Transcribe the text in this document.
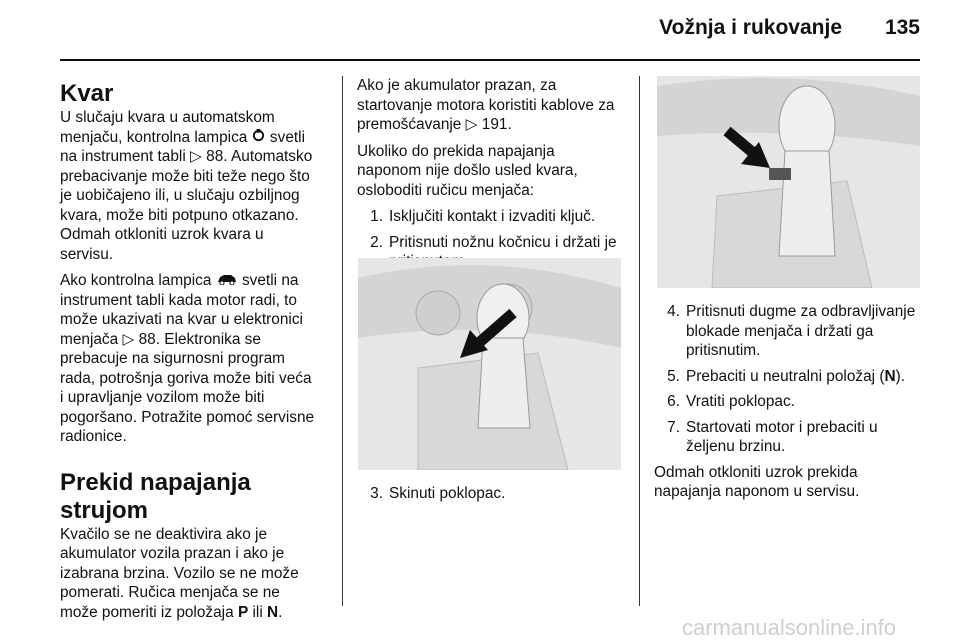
Vožnja i rukovanje 135
Kvar

U slučaju kvara u automatskom
menjaču, kontrolna lampica svetli
na instrument tabli ▷ 88. Automatsko
prebacivanje može biti teže nego što
je uobičajeno ili, u slučaju ozbiljnog
kvara, može biti potpuno otkazano.
Odmah otkloniti uzrok kvara u
servisu.

Ako kontrolna lampica svetli na
instrument tabli kada motor radi, to
može ukazivati na kvar u elektronici
menjača ▷ 88. Elektronika se
prebacuje na sigurnosni program
rada, potrošnja goriva može biti veća
i upravljanje vozilom može biti
pogoršano. Potražite pomoć servisne
radionice.

Prekid napajanja strujom

Kvačilo se ne deaktivira ako je
akumulator vozila prazan i ako je
izabrana brzina. Vozilo se ne može
pomerati. Ručica menjača se ne
može pomeriti iz položaja P ili N.

Ako je akumulator prazan, za
startovanje motora koristiti kablove za
premošćavanje ▷ 191.

Ukoliko do prekida napajanja
naponom nije došlo usled kvara,
osloboditi ručicu menjača:

1. Isključiti kontakt i izvaditi ključ.
2. Pritisnuti nožnu kočnicu i držati je

3. Skinuti poklopac.
4. Pritisnuti dugme za odbravljivanje
blokade menjača i držati ga
pritisnutim.
5. Prebaciti u neutralni položaj (N).
6. Vratiti poklopac.
7. Startovati motor i prebaciti u
željenu brzinu.

Odmah otkloniti uzrok prekida
napajanja naponom u servisu.

carmanualsonline.info
